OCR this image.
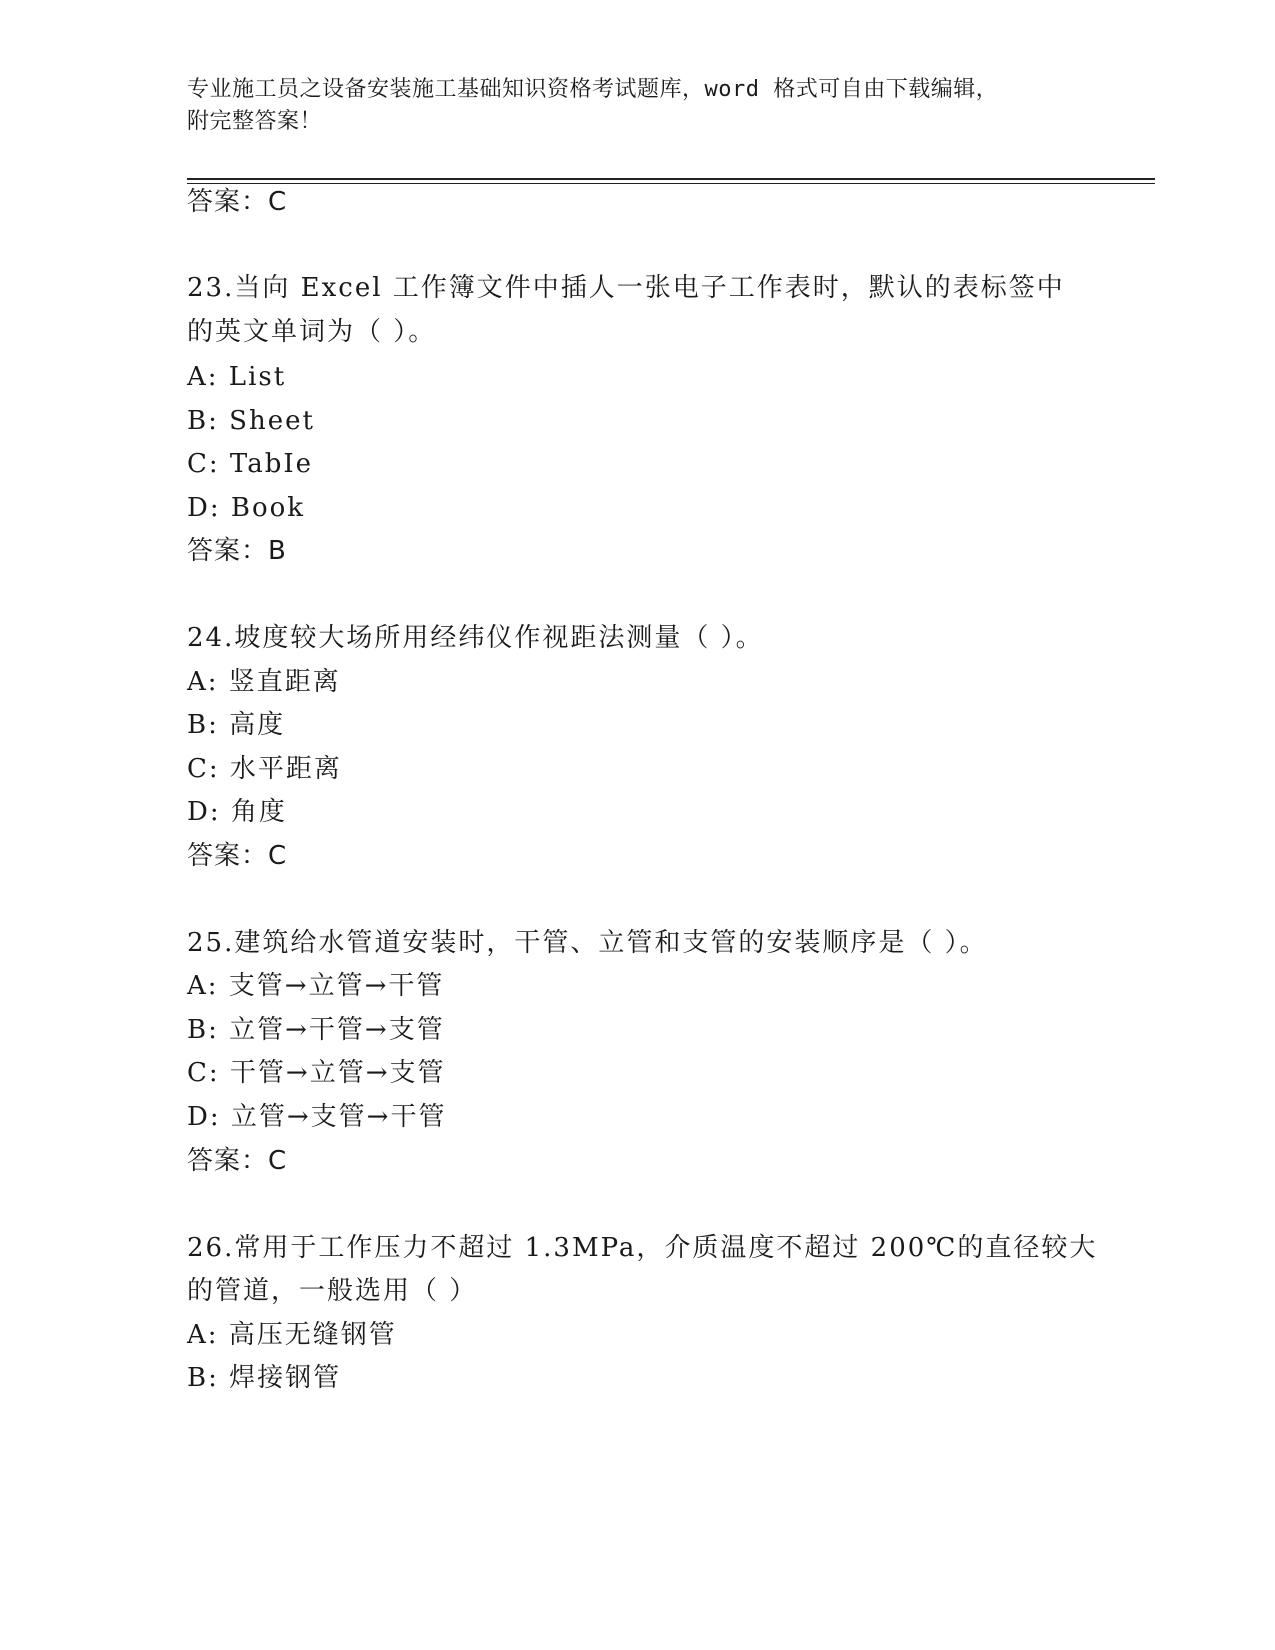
专业施工员之设备安装施工基础知识资格考试题库，word 格式可自由下载编辑，
附完整答案！
答案：C
23.当向 Excel 工作簿文件中插人一张电子工作表时，默认的表标签中
的英文单词为（ ）。
A: List
B: Sheet
C: TabIe
D: Book
答案：B
24.坡度较大场所用经纬仪作视距法测量（ ）。
A: 竖直距离
B: 高度
C: 水平距离
D: 角度
答案：C
25.建筑给水管道安装时，干管、立管和支管的安装顺序是（ ）。
A: 支管→立管→干管
B: 立管→干管→支管
C: 干管→立管→支管
D: 立管→支管→干管
答案：C
26.常用于工作压力不超过 1.3MPa，介质温度不超过 200℃的直径较大
的管道，一般选用（ ）
A: 高压无缝钢管
B: 焊接钢管
